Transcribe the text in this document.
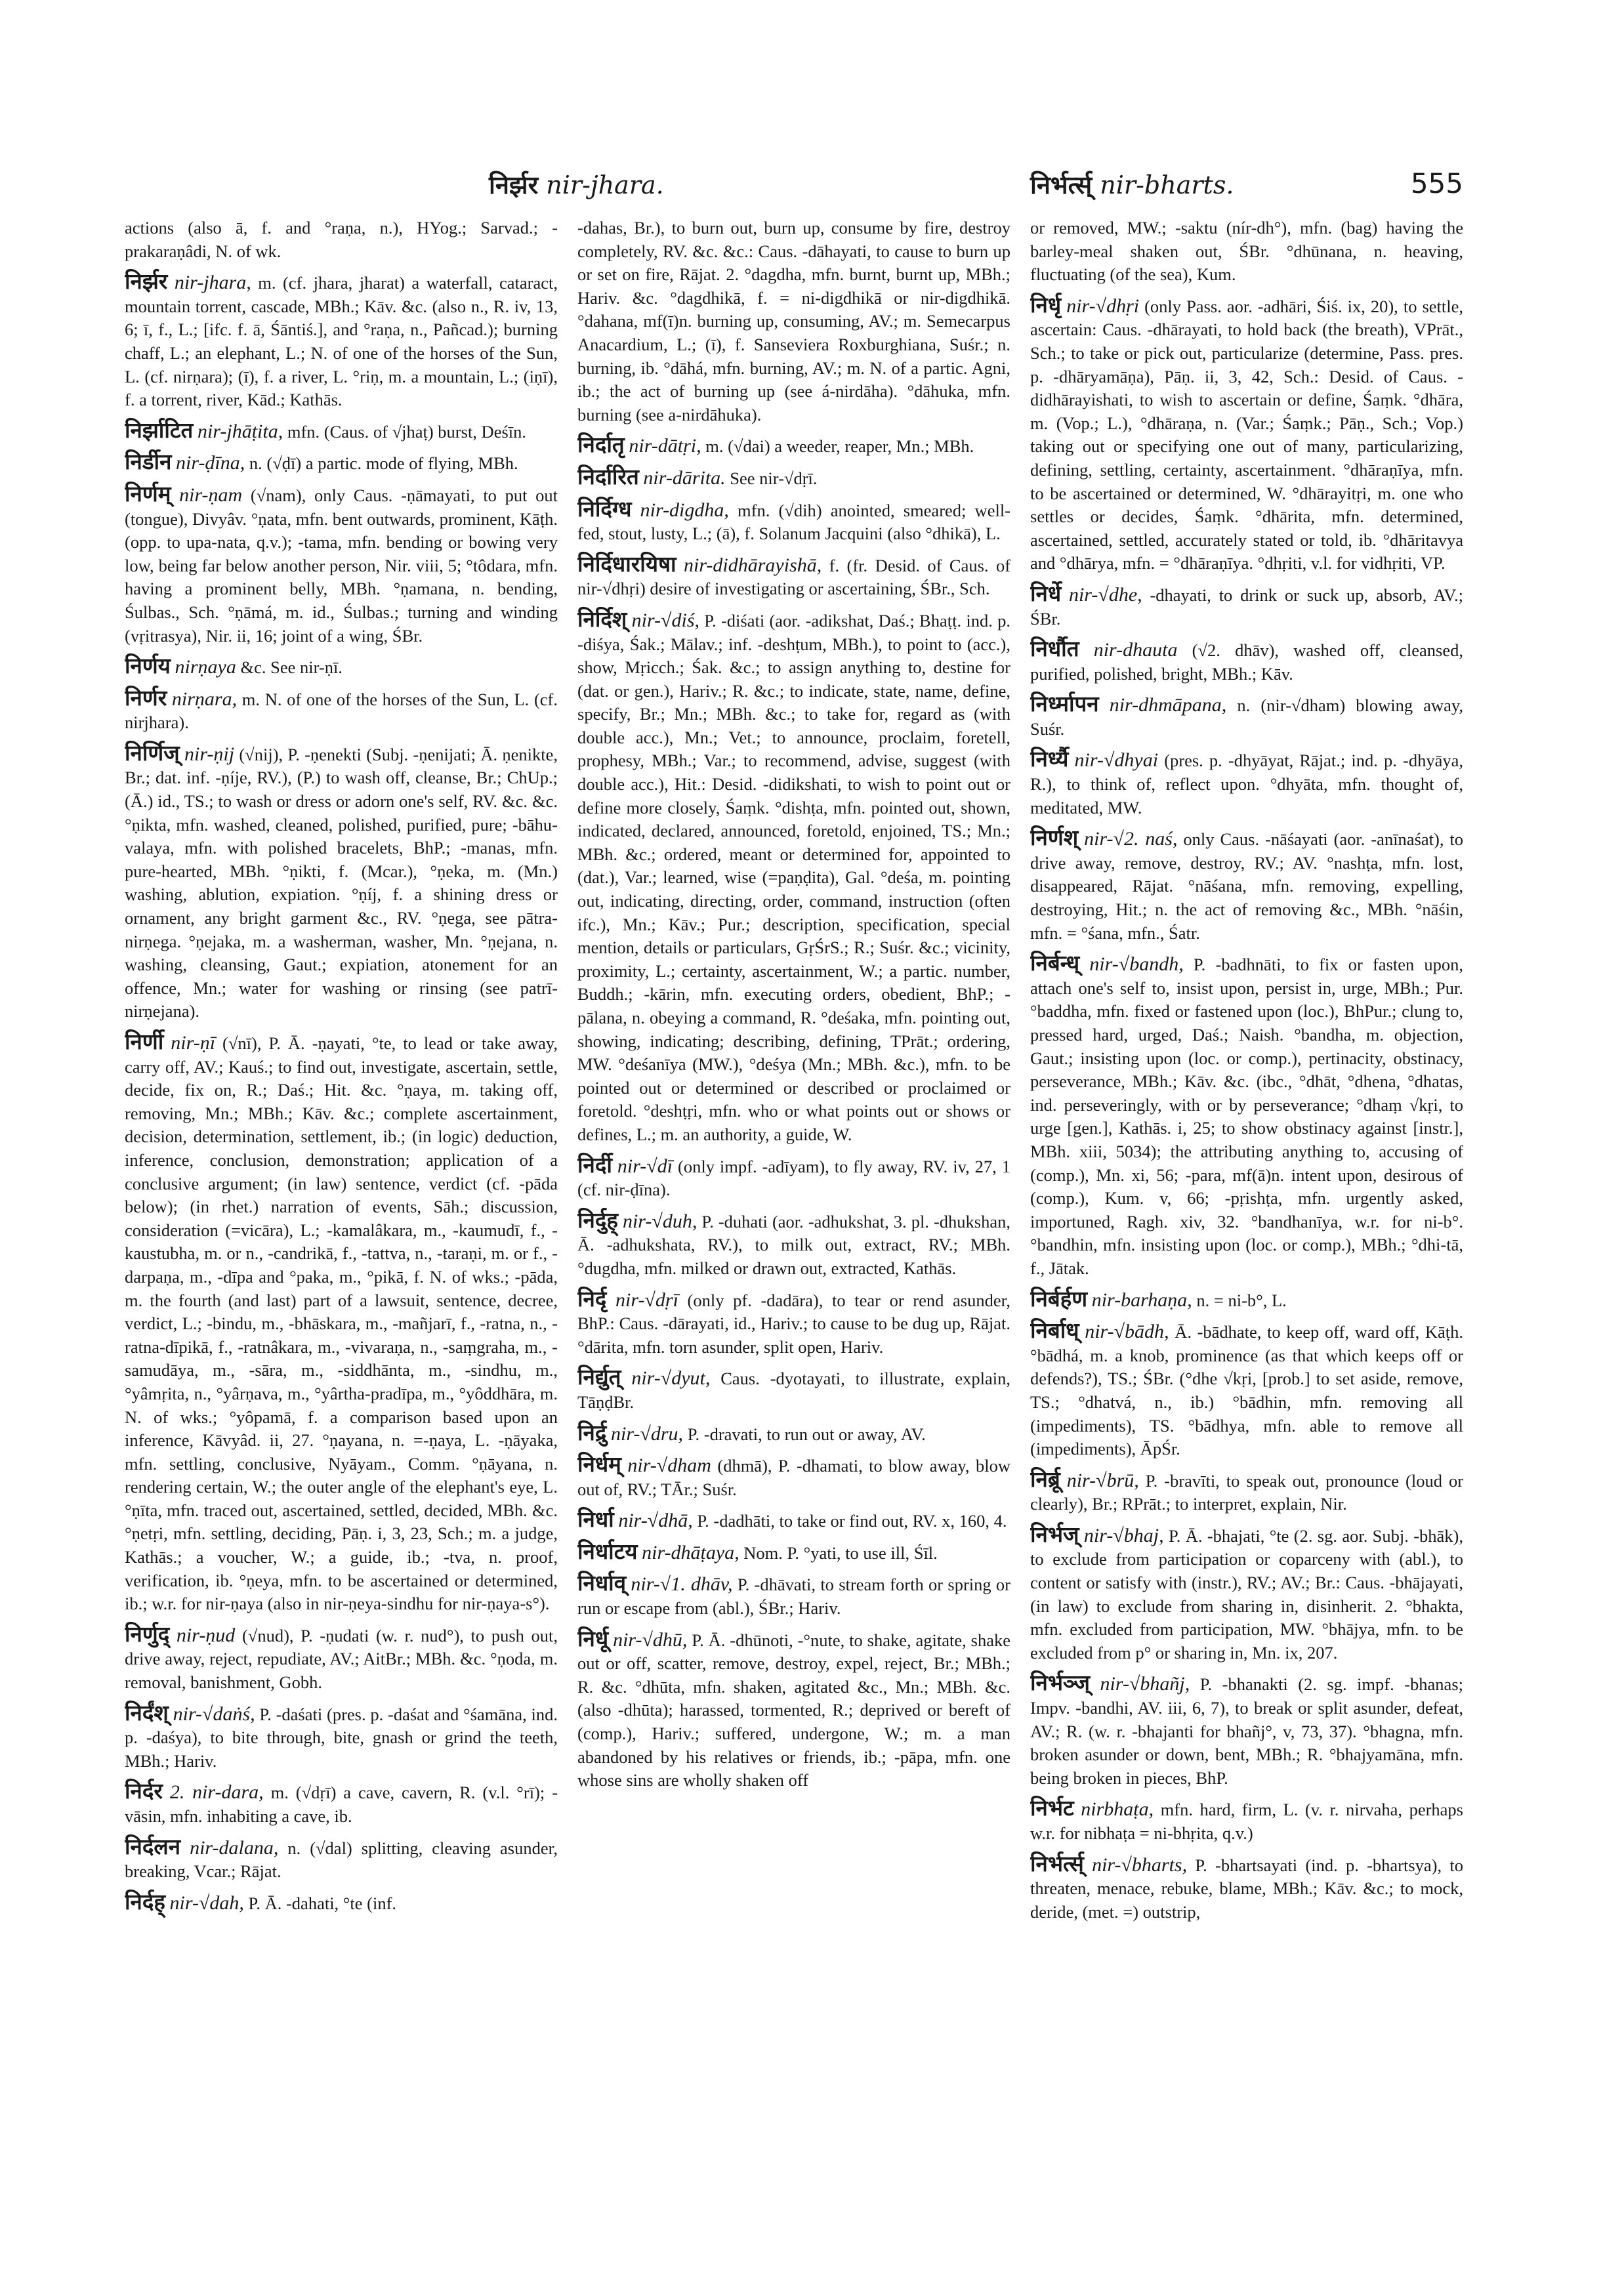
निर्झर nir-jhara.	निर्भर्त्स् nir-bharts.	555

actions (also ā, f. and °raṇa, n.), HYog.; Sarvad.; -prakaraṇâdi, N. of wk.

निर्झर nir-jhara, m. (cf. jhara, jharat) a waterfall, cataract, mountain torrent, cascade, MBh.; Kāv. &c. (also n., R. iv, 13, 6; ī, f., L.; [ifc. f. ā, Śāntiś.], and °raṇa, n., Pañcad.); burning chaff, L.; an elephant, L.; N. of one of the horses of the Sun, L. (cf. nirṇara); (ī), f. a river, L. °riṇ, m. a mountain, L.; (iṇī), f. a torrent, river, Kād.; Kathās.

निर्झाटित nir-jhāṭita, mfn. (Caus. of √jhaṭ) burst, Deśīn.

निर्डीन nir-ḍīna, n. (√ḍī) a partic. mode of flying, MBh.

निर्णम् nir-ṇam (√nam), only Caus. -ṇāmayati, to put out (tongue), Divyâv. °ṇata, mfn. bent outwards, prominent, Kāṭh. (opp. to upa-nata, q.v.); -tama, mfn. bending or bowing very low, being far below another person, Nir. viii, 5; °tôdara, mfn. having a prominent belly, MBh. °ṇamana, n. bending, Śulbas., Sch. °ṇāmá, m. id., Śulbas.; turning and winding (vṛitrasya), Nir. ii, 16; joint of a wing, ŚBr.

निर्णय nirṇaya &c. See nir-ṇī.

निर्णर nirṇara, m. N. of one of the horses of the Sun, L. (cf. nirjhara).

निर्णिज् nir-ṇij (√nij), P. -ṇenekti (Subj. -ṇenijati; Ā. ṇenikte, Br.; dat. inf. -ṇíje, RV.), (P.) to wash off, cleanse, Br.; ChUp.; (Ā.) id., TS.; to wash or dress or adorn one's self, RV. &c. &c. °ṇikta, mfn. washed, cleaned, polished, purified, pure; -bāhu-valaya, mfn. with polished bracelets, BhP.; -manas, mfn. pure-hearted, MBh. °ṇikti, f. (Mcar.), °ṇeka, m. (Mn.) washing, ablution, expiation. °ṇíj, f. a shining dress or ornament, any bright garment &c., RV. °ṇega, see pātra-nirṇega. °ṇejaka, m. a washerman, washer, Mn. °ṇejana, n. washing, cleansing, Gaut.; expiation, atonement for an offence, Mn.; water for washing or rinsing (see patrī-nirṇejana).

निर्णी nir-ṇī (√nī), P. Ā. -ṇayati, °te, to lead or take away, carry off, AV.; Kauś.; to find out, investigate, ascertain, settle, decide, fix on, R.; Daś.; Hit. &c. °ṇaya, m. taking off, removing, Mn.; MBh.; Kāv. &c.; complete ascertainment, decision, determination, settlement, ib.; (in logic) deduction, inference, conclusion, demonstration; application of a conclusive argument; (in law) sentence, verdict (cf. -pāda below); (in rhet.) narration of events, Sāh.; discussion, consideration (=vicāra), L.; -kamalâkara, m., -kaumudī, f., -kaustubha, m. or n., -candrikā, f., -tattva, n., -taraṇi, m. or f., -darpaṇa, m., -dīpa and °paka, m., °pikā, f. N. of wks.; -pāda, m. the fourth (and last) part of a lawsuit, sentence, decree, verdict, L.; -bindu, m., -bhāskara, m., -mañjarī, f., -ratna, n., -ratna-dīpikā, f., -ratnâkara, m., -vivaraṇa, n., -saṃgraha, m., -samudāya, m., -sāra, m., -siddhānta, m., -sindhu, m., °yâmṛita, n., °yârṇava, m., °yârtha-pradīpa, m., °yôddhāra, m. N. of wks.; °yôpamā, f. a comparison based upon an inference, Kāvyâd. ii, 27. °ṇayana, n. =-ṇaya, L. -ṇāyaka, mfn. settling, conclusive, Nyāyam., Comm. °ṇāyana, n. rendering certain, W.; the outer angle of the elephant's eye, L. °ṇīta, mfn. traced out, ascertained, settled, decided, MBh. &c. °ṇetṛi, mfn. settling, deciding, Pāṇ. i, 3, 23, Sch.; m. a judge, Kathās.; a voucher, W.; a guide, ib.; -tva, n. proof, verification, ib. °ṇeya, mfn. to be ascertained or determined, ib.; w.r. for nir-ṇaya (also in nir-ṇeya-sindhu for nir-ṇaya-s°).

निर्णुद् nir-ṇud (√nud), P. -ṇudati (w. r. nud°), to push out, drive away, reject, repudiate, AV.; AitBr.; MBh. &c. °ṇoda, m. removal, banishment, Gobh.

निर्दंश् nir-√daṅś, P. -daśati (pres. p. -daśat and °śamāna, ind. p. -daśya), to bite through, bite, gnash or grind the teeth, MBh.; Hariv.

निर्दर 2. nir-dara, m. (√dṛī) a cave, cavern, R. (v.l. °rī); -vāsin, mfn. inhabiting a cave, ib.

निर्दलन nir-dalana, n. (√dal) splitting, cleaving asunder, breaking, Vcar.; Rājat.

निर्दह् nir-√dah, P. Ā. -dahati, °te (inf.

-dahas, Br.), to burn out, burn up, consume by fire, destroy completely, RV. &c. &c.: Caus. -dāhayati, to cause to burn up or set on fire, Rājat. 2. °dagdha, mfn. burnt, burnt up, MBh.; Hariv. &c. °dagdhikā, f. = ni-digdhikā or nir-digdhikā. °dahana, mf(ī)n. burning up, consuming, AV.; m. Semecarpus Anacardium, L.; (ī), f. Sanseviera Roxburghiana, Suśr.; n. burning, ib. °dāhá, mfn. burning, AV.; m. N. of a partic. Agni, ib.; the act of burning up (see á-nirdāha). °dāhuka, mfn. burning (see a-nirdāhuka).

निर्दातृ nir-dātṛi, m. (√dai) a weeder, reaper, Mn.; MBh.

निर्दारित nir-dārita. See nir-√dṛī.

निर्दिग्ध nir-digdha, mfn. (√dih) anointed, smeared; well-fed, stout, lusty, L.; (ā), f. Solanum Jacquini (also °dhikā), L.

निर्दिधारयिषा nir-didhārayishā, f. (fr. Desid. of Caus. of nir-√dhṛi) desire of investigating or ascertaining, ŚBr., Sch.

निर्दिश् nir-√diś, P. -diśati (aor. -adikshat, Daś.; Bhaṭṭ. ind. p. -diśya, Śak.; Mālav.; inf. -deshṭum, MBh.), to point to (acc.), show, Mṛicch.; Śak. &c.; to assign anything to, destine for (dat. or gen.), Hariv.; R. &c.; to indicate, state, name, define, specify, Br.; Mn.; MBh. &c.; to take for, regard as (with double acc.), Mn.; Vet.; to announce, proclaim, foretell, prophesy, MBh.; Var.; to recommend, advise, suggest (with double acc.), Hit.: Desid. -didikshati, to wish to point out or define more closely, Śaṃk. °dishṭa, mfn. pointed out, shown, indicated, declared, announced, foretold, enjoined, TS.; Mn.; MBh. &c.; ordered, meant or determined for, appointed to (dat.), Var.; learned, wise (=paṇḍita), Gal. °deśa, m. pointing out, indicating, directing, order, command, instruction (often ifc.), Mn.; Kāv.; Pur.; description, specification, special mention, details or particulars, GṛŚrS.; R.; Suśr. &c.; vicinity, proximity, L.; certainty, ascertainment, W.; a partic. number, Buddh.; -kārin, mfn. executing orders, obedient, BhP.; -pālana, n. obeying a command, R. °deśaka, mfn. pointing out, showing, indicating; describing, defining, TPrāt.; ordering, MW. °deśanīya (MW.), °deśya (Mn.; MBh. &c.), mfn. to be pointed out or determined or described or proclaimed or foretold. °deshṭṛi, mfn. who or what points out or shows or defines, L.; m. an authority, a guide, W.

निर्दी nir-√dī (only impf. -adīyam), to fly away, RV. iv, 27, 1 (cf. nir-ḍīna).

निर्दुह् nir-√duh, P. -duhati (aor. -adhukshat, 3. pl. -dhukshan, Ā. -adhukshata, RV.), to milk out, extract, RV.; MBh. °dugdha, mfn. milked or drawn out, extracted, Kathās.

निर्दृ nir-√dṛī (only pf. -dadāra), to tear or rend asunder, BhP.: Caus. -dārayati, id., Hariv.; to cause to be dug up, Rājat. °dārita, mfn. torn asunder, split open, Hariv.

निर्द्युत् nir-√dyut, Caus. -dyotayati, to illustrate, explain, TāṇḍBr.

निर्द्रु nir-√dru, P. -dravati, to run out or away, AV.

निर्धम् nir-√dham (dhmā), P. -dhamati, to blow away, blow out of, RV.; TĀr.; Suśr.

निर्धा nir-√dhā, P. -dadhāti, to take or find out, RV. x, 160, 4.

निर्धाटय nir-dhāṭaya, Nom. P. °yati, to use ill, Śīl.

निर्धाव् nir-√1. dhāv, P. -dhāvati, to stream forth or spring or run or escape from (abl.), ŚBr.; Hariv.

निर्धू nir-√dhū, P. Ā. -dhūnoti, -°nute, to shake, agitate, shake out or off, scatter, remove, destroy, expel, reject, Br.; MBh.; R. &c. °dhūta, mfn. shaken, agitated &c., Mn.; MBh. &c. (also -dhūta); harassed, tormented, R.; deprived or bereft of (comp.), Hariv.; suffered, undergone, W.; m. a man abandoned by his relatives or friends, ib.; -pāpa, mfn. one whose sins are wholly shaken off

or removed, MW.; -saktu (nír-dh°), mfn. (bag) having the barley-meal shaken out, ŚBr. °dhūnana, n. heaving, fluctuating (of the sea), Kum.

निर्धृ nir-√dhṛi (only Pass. aor. -adhāri, Śiś. ix, 20), to settle, ascertain: Caus. -dhārayati, to hold back (the breath), VPrāt., Sch.; to take or pick out, particularize (determine, Pass. pres. p. -dhāryamāṇa), Pāṇ. ii, 3, 42, Sch.: Desid. of Caus. -didhārayishati, to wish to ascertain or define, Śaṃk. °dhāra, m. (Vop.; L.), °dhāraṇa, n. (Var.; Śaṃk.; Pāṇ., Sch.; Vop.) taking out or specifying one out of many, particularizing, defining, settling, certainty, ascertainment. °dhāraṇīya, mfn. to be ascertained or determined, W. °dhārayitṛi, m. one who settles or decides, Śaṃk. °dhārita, mfn. determined, ascertained, settled, accurately stated or told, ib. °dhāritavya and °dhārya, mfn. = °dhāraṇīya. °dhṛiti, v.l. for vidhṛiti, VP.

निर्धे nir-√dhe, -dhayati, to drink or suck up, absorb, AV.; ŚBr.

निर्धौत nir-dhauta (√2. dhāv), washed off, cleansed, purified, polished, bright, MBh.; Kāv.

निर्ध्मापन nir-dhmāpana, n. (nir-√dham) blowing away, Suśr.

निर्ध्यै nir-√dhyai (pres. p. -dhyāyat, Rājat.; ind. p. -dhyāya, R.), to think of, reflect upon. °dhyāta, mfn. thought of, meditated, MW.

निर्णश् nir-√2. naś, only Caus. -nāśayati (aor. -anīnaśat), to drive away, remove, destroy, RV.; AV. °nashṭa, mfn. lost, disappeared, Rājat. °nāśana, mfn. removing, expelling, destroying, Hit.; n. the act of removing &c., MBh. °nāśin, mfn. = °śana, mfn., Śatr.

निर्बन्ध् nir-√bandh, P. -badhnāti, to fix or fasten upon, attach one's self to, insist upon, persist in, urge, MBh.; Pur. °baddha, mfn. fixed or fastened upon (loc.), BhPur.; clung to, pressed hard, urged, Daś.; Naish. °bandha, m. objection, Gaut.; insisting upon (loc. or comp.), pertinacity, obstinacy, perseverance, MBh.; Kāv. &c. (ibc., °dhāt, °dhena, °dhatas, ind. perseveringly, with or by perseverance; °dhaṃ √kṛi, to urge [gen.], Kathās. i, 25; to show obstinacy against [instr.], MBh. xiii, 5034); the attributing anything to, accusing of (comp.), Mn. xi, 56; -para, mf(ā)n. intent upon, desirous of (comp.), Kum. v, 66; -pṛishṭa, mfn. urgently asked, importuned, Ragh. xiv, 32. °bandhanīya, w.r. for ni-b°. °bandhin, mfn. insisting upon (loc. or comp.), MBh.; °dhi-tā, f., Jātak.

निर्बर्हण nir-barhaṇa, n. = ni-b°, L.

निर्बाध् nir-√bādh, Ā. -bādhate, to keep off, ward off, Kāṭh. °bādhá, m. a knob, prominence (as that which keeps off or defends?), TS.; ŚBr. (°dhe √kṛi, [prob.] to set aside, remove, TS.; °dhatvá, n., ib.) °bādhin, mfn. removing all (impediments), TS. °bādhya, mfn. able to remove all (impediments), ĀpŚr.

निर्ब्रू nir-√brū, P. -bravīti, to speak out, pronounce (loud or clearly), Br.; RPrāt.; to interpret, explain, Nir.

निर्भज् nir-√bhaj, P. Ā. -bhajati, °te (2. sg. aor. Subj. -bhāk), to exclude from participation or coparceny with (abl.), to content or satisfy with (instr.), RV.; AV.; Br.: Caus. -bhājayati, (in law) to exclude from sharing in, disinherit. 2. °bhakta, mfn. excluded from participation, MW. °bhājya, mfn. to be excluded from p° or sharing in, Mn. ix, 207.

निर्भञ्ज् nir-√bhañj, P. -bhanakti (2. sg. impf. -bhanas; Impv. -bandhi, AV. iii, 6, 7), to break or split asunder, defeat, AV.; R. (w. r. -bhajanti for bhañj°, v, 73, 37). °bhagna, mfn. broken asunder or down, bent, MBh.; R. °bhajyamāna, mfn. being broken in pieces, BhP.

निर्भट nirbhaṭa, mfn. hard, firm, L. (v. r. nirvaha, perhaps w.r. for nibhaṭa = ni-bhṛita, q.v.)

निर्भर्त्स् nir-√bharts, P. -bhartsayati (ind. p. -bhartsya), to threaten, menace, rebuke, blame, MBh.; Kāv. &c.; to mock, deride, (met. =) outstrip,
